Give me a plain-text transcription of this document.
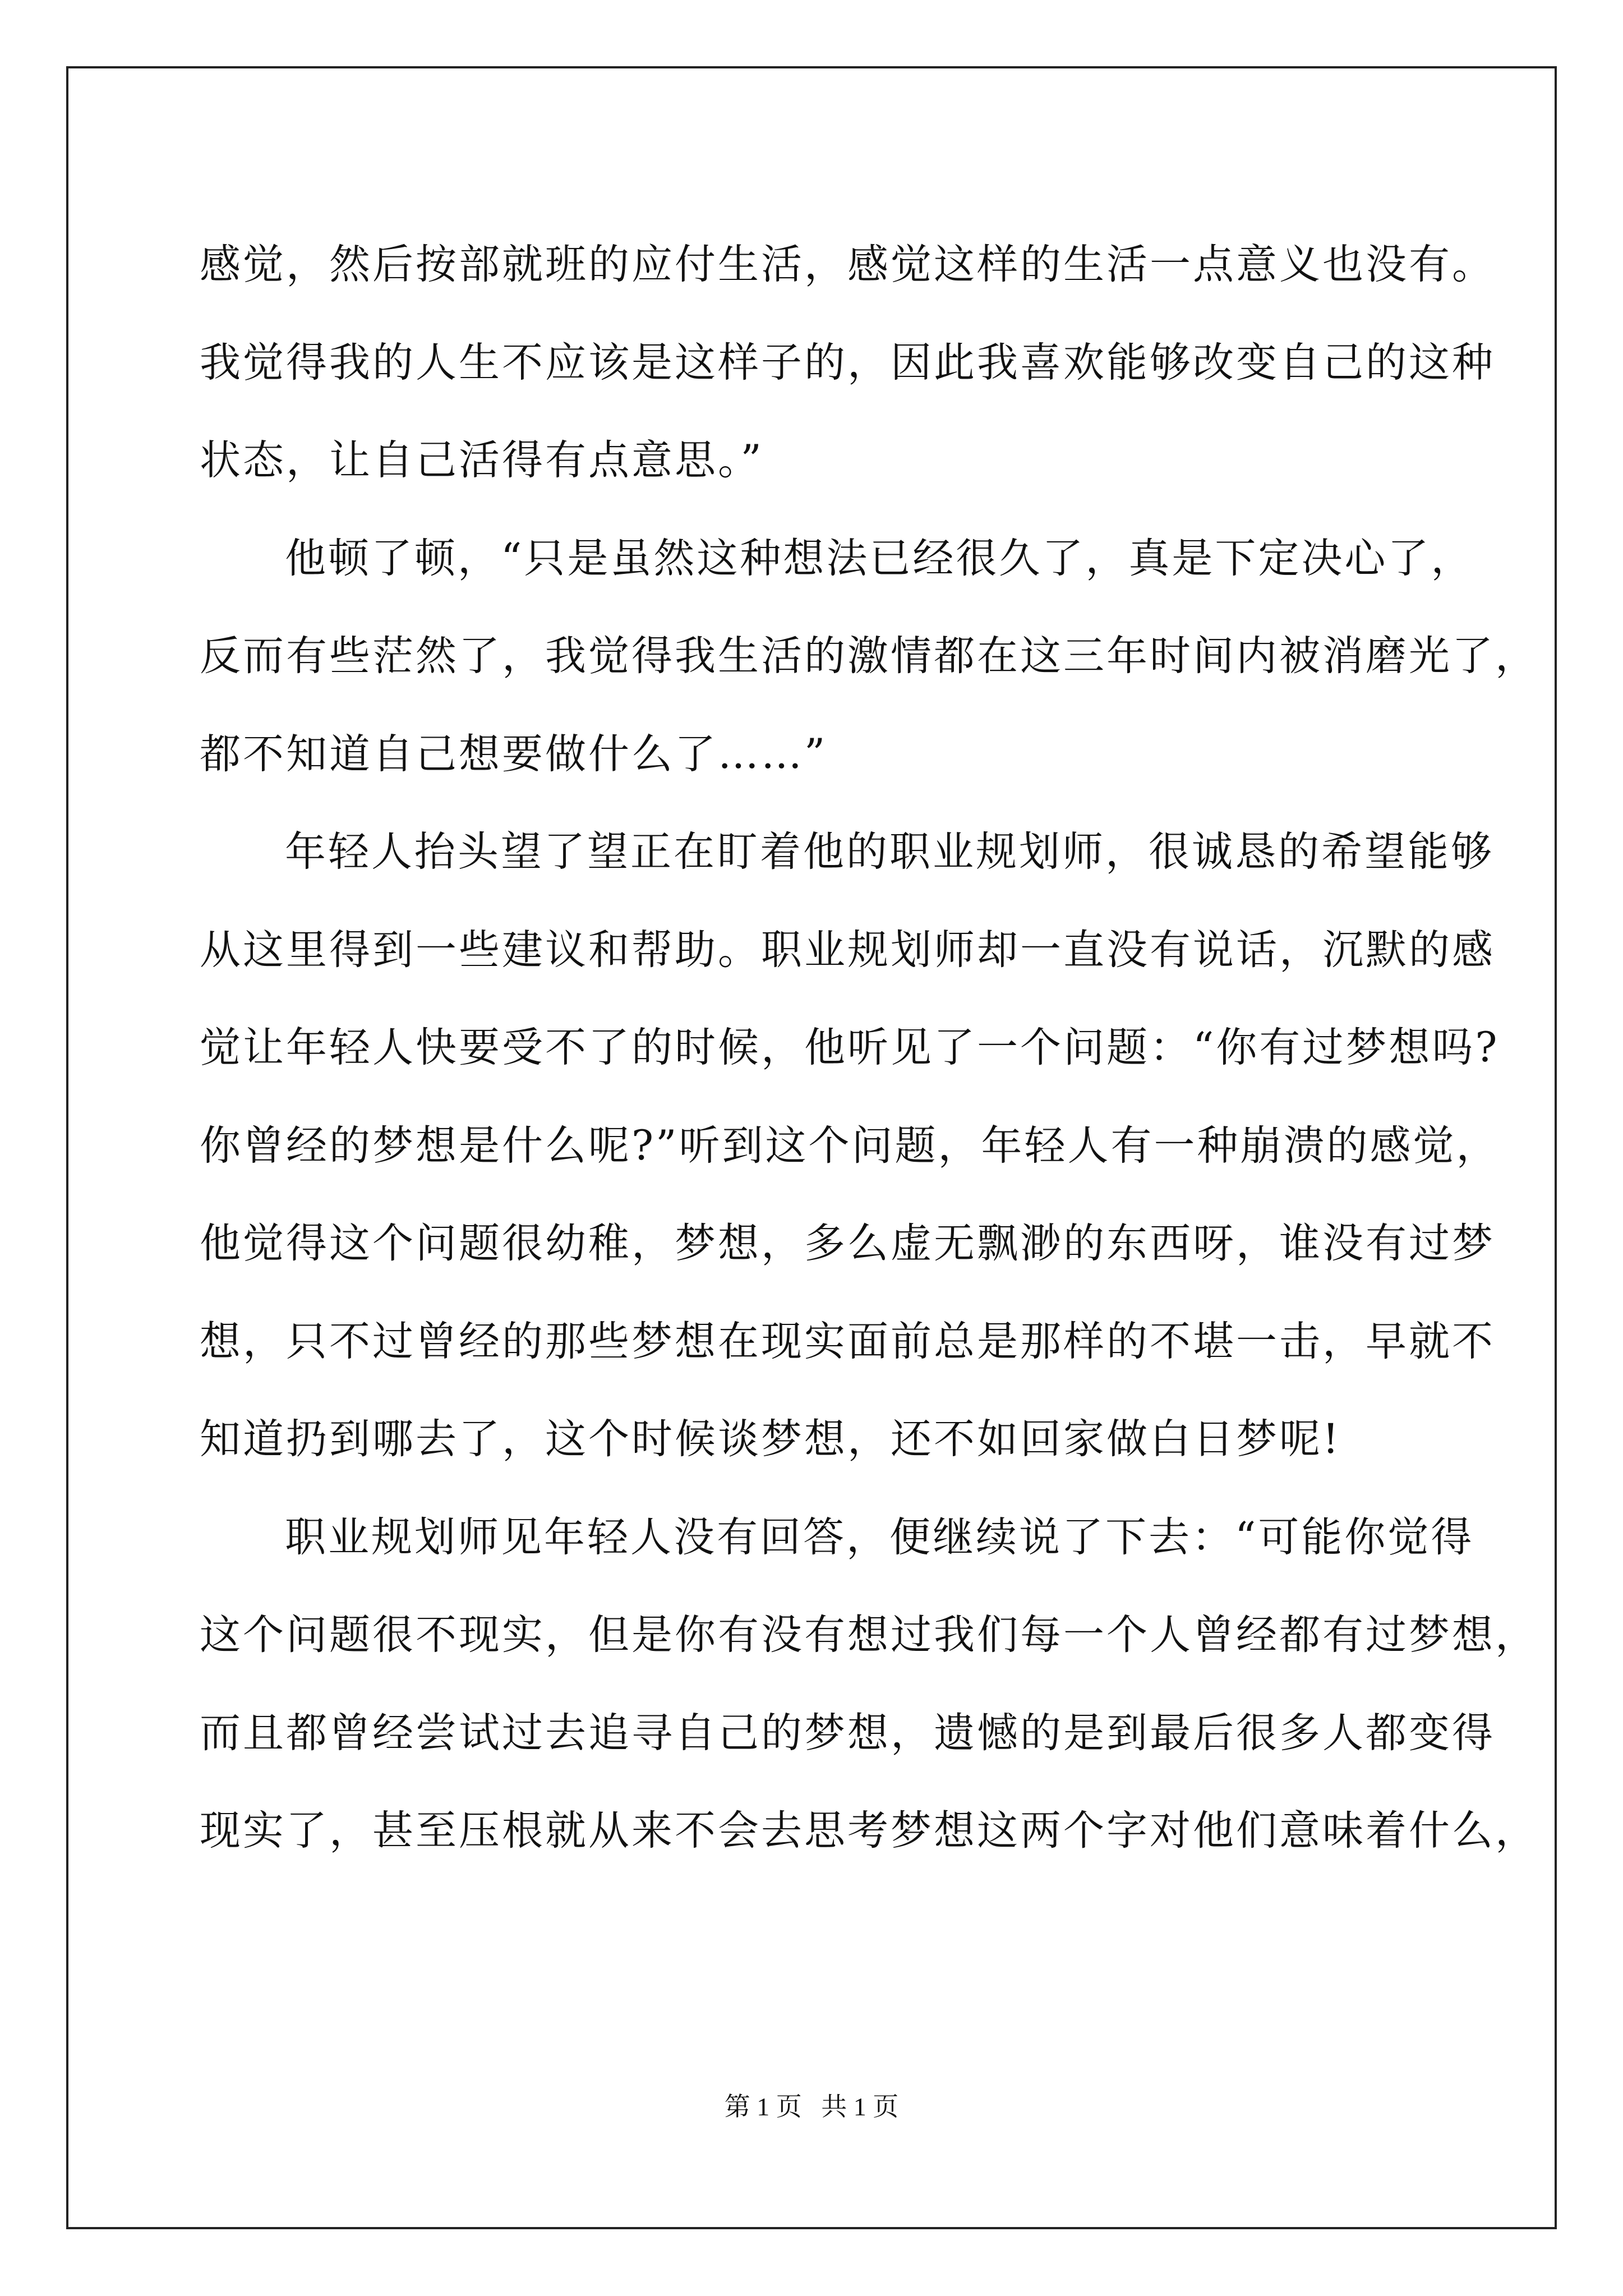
感觉，然后按部就班的应付生活，感觉这样的生活一点意义也没有。
我觉得我的人生不应该是这样子的，因此我喜欢能够改变自己的这种
状态，让自己活得有点意思。”
他顿了顿，“只是虽然这种想法已经很久了，真是下定决心了，
反而有些茫然了，我觉得我生活的激情都在这三年时间内被消磨光了，
都不知道自己想要做什么了……”
年轻人抬头望了望正在盯着他的职业规划师，很诚恳的希望能够
从这里得到一些建议和帮助。职业规划师却一直没有说话，沉默的感
觉让年轻人快要受不了的时候，他听见了一个问题：“你有过梦想吗?
你曾经的梦想是什么呢?”听到这个问题，年轻人有一种崩溃的感觉，
他觉得这个问题很幼稚，梦想，多么虚无飘渺的东西呀，谁没有过梦
想，只不过曾经的那些梦想在现实面前总是那样的不堪一击，早就不
知道扔到哪去了，这个时候谈梦想，还不如回家做白日梦呢!
职业规划师见年轻人没有回答，便继续说了下去：“可能你觉得
这个问题很不现实，但是你有没有想过我们每一个人曾经都有过梦想，
而且都曾经尝试过去追寻自己的梦想，遗憾的是到最后很多人都变得
现实了，甚至压根就从来不会去思考梦想这两个字对他们意味着什么，
第 1 页 共 1 页
